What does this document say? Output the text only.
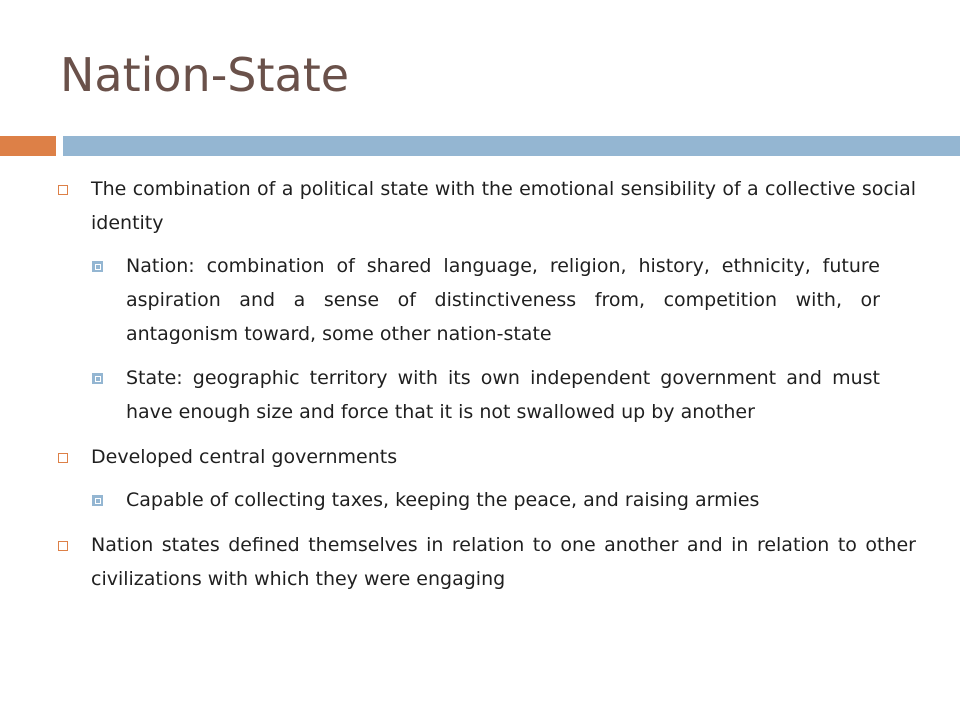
Nation-State
The combination of a political state with the emotional sensibility of a collective social identity
Nation: combination of shared language, religion, history, ethnicity, future aspiration and a sense of distinctiveness from, competition with, or antagonism toward, some other nation-state
State: geographic territory with its own independent government and must have enough size and force that it is not swallowed up by another
Developed central governments
Capable of collecting taxes, keeping the peace, and raising armies
Nation states defined themselves in relation to one another and in relation to other civilizations with which they were engaging
